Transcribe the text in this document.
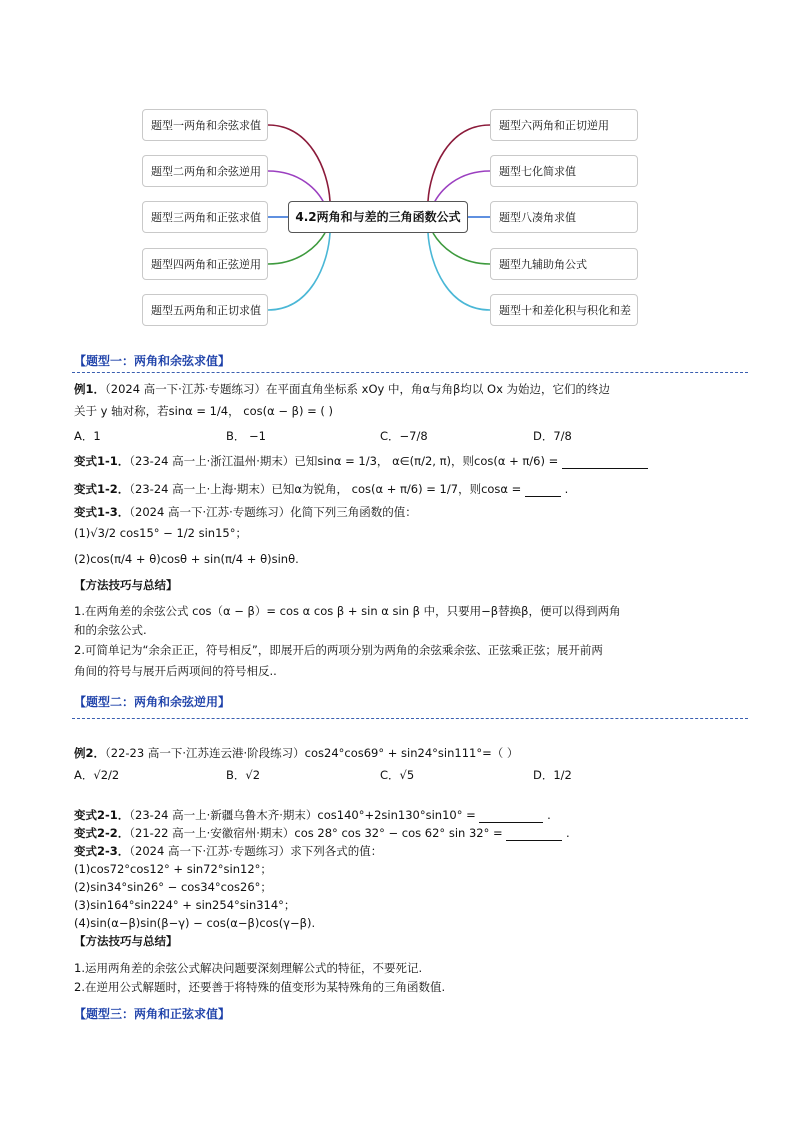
题型一两角和余弦求值
题型二两角和余弦逆用
题型三两角和正弦求值
题型四两角和正弦逆用
题型五两角和正切求值
4.2两角和与差的三角函数公式
题型六两角和正切逆用
题型七化简求值
题型八凑角求值
题型九辅助角公式
题型十和差化积与积化和差
【题型一：两角和余弦求值】
例1．（2024 高一下·江苏·专题练习）在平面直角坐标系 xOy 中，角α与角β均以 Ox 为始边，它们的终边
关于 y 轴对称，若sinα = 1/4， cos(α − β) = ( )
A．1	B． −1	C．−7/8	D．7/8
变式1-1．（23-24 高一上·浙江温州·期末）已知sinα = 1/3， α∈(π/2, π)，则cos(α + π/6) =
变式1-2．（23-24 高一上·上海·期末）已知α为锐角， cos(α + π/6) = 1/7，则cosα =	.
变式1-3．（2024 高一下·江苏·专题练习）化简下列三角函数的值：
(1)√3/2 cos15° − 1/2 sin15°；
(2)cos(π/4 + θ)cosθ + sin(π/4 + θ)sinθ.
【方法技巧与总结】
1.在两角差的余弦公式 cos（α − β）= cos α cos β + sin α sin β 中，只要用−β替换β，便可以得到两角
和的余弦公式.
2.可简单记为“余余正正，符号相反”，即展开后的两项分别为两角的余弦乘余弦、正弦乘正弦；展开前两
角间的符号与展开后两项间的符号相反..
【题型二：两角和余弦逆用】
例2．（22-23 高一下·江苏连云港·阶段练习）cos24°cos69° + sin24°sin111°=（ ）
A．√2/2	B．√2	C．√5	D．1/2
变式2-1．（23-24 高一上·新疆乌鲁木齐·期末）cos140°+2sin130°sin10° =	.
变式2-2．（21-22 高一上·安徽宿州·期末）cos 28° cos 32° − cos 62° sin 32° =	.
变式2-3．（2024 高一下·江苏·专题练习）求下列各式的值：
(1)cos72°cos12° + sin72°sin12°；
(2)sin34°sin26° − cos34°cos26°；
(3)sin164°sin224° + sin254°sin314°；
(4)sin(α−β)sin(β−γ) − cos(α−β)cos(γ−β).
【方法技巧与总结】
1.运用两角差的余弦公式解决问题要深刻理解公式的特征，不要死记.
2.在逆用公式解题时，还要善于将特殊的值变形为某特殊角的三角函数值.
【题型三：两角和正弦求值】
